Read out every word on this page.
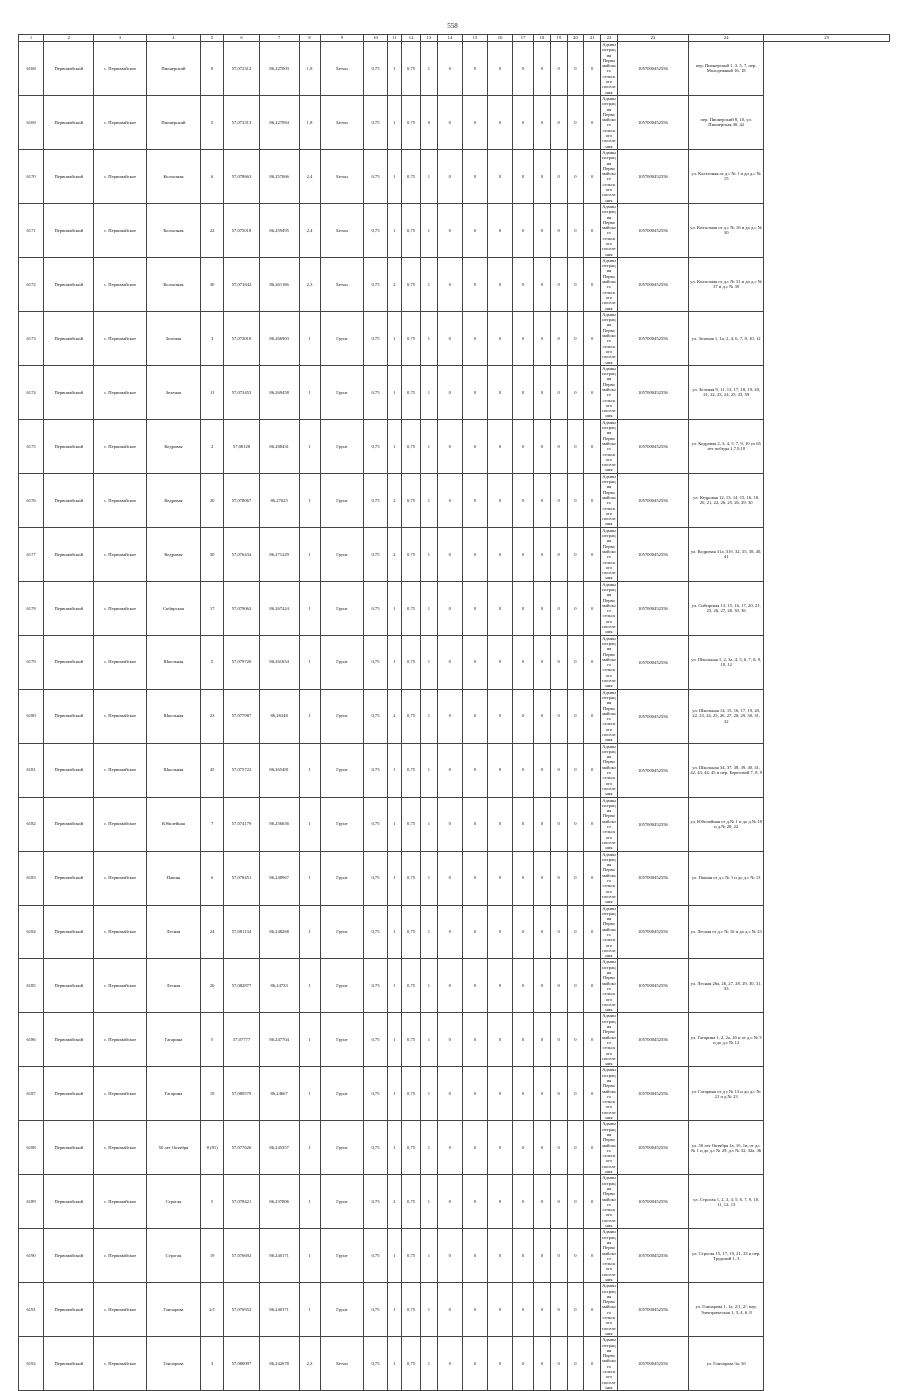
558
1	2	3	4	5	6	7	8	9	10	11	12	13	14	15	16	17	18	19	20	21	22	23	24	25
6168	Первомайский	с. Первомайское	Пионерский	8	57,072312	86,227003	1,8	Бетон	0,75	1	0,75	1	0	0	0	0	0	0	0	0	Администрация Первомайского сельского поселения	1057000452556	пер. Пионерский 1, 3, 5, 7, пер. Молодежный 16, 18	
6169	Первомайский	с. Первомайское	Пионерский	5	57,073313	86,227084	1,8	Бетон	0,75	1	0,75	0	0	0	0	0	0	0	0	0	Администрация Первомайского сельского поселения	1057000452556	пер. Пионерский 8, 10, ул. Пионерская 40, 42	
6170	Первомайский	с. Первомайское	Колхозная	6	57,078663	86,257066	2,4	Бетон	0,75	1	0,75	1	0	0	0	0	0	0	0	0	Администрация Первомайского сельского поселения	1057000452556	ул. Колхозная от д.с № 1 и до д.с № 15	
6171	Первомайский	с. Первомайское	Колхозная	22	57,075018	86,259495	2,4	Бетон	0,75	1	0,75	1	0	0	0	0	0	0	0	0	Администрация Первомайского сельского поселения	1057000452556	ул. Колхозная от д.с № 16 и до д.с № 30	
6172	Первомайский	с. Первомайское	Колхозная	30	57,071842	86,261186	2,3	Бетон	0,75	2	0,75	1	0	0	0	0	0	0	0	0	Администрация Первомайского сельского поселения	1057000452556	ул. Колхозная от д.с № 31 и до д.с № 37 и д.с № 39	
6173	Первомайский	с. Первомайское	Зеленая	3	57,072018	86,266903	1	Грунт	0,75	1	0,75	1	0	0	0	0	0	0	0	0	Администрация Первомайского сельского поселения	1057000452556	ул. Зеленая 1, 1а, 2, 4, 6, 7, 8, 10, 12	
6174	Первомайский	с. Первомайское	Зеленая	11	57,073453	86,269458	1	Грунт	0,75	1	0,75	1	0	0	0	0	0	0	0	0	Администрация Первомайского сельского поселения	1057000452556	ул. Зеленая 9, 11, 13, 17, 18, 19, 20, 21, 22, 23, 24, 25, 33, 59	
6175	Первомайский	с. Первомайское	Кедровая	2	57,08128	86,288431	1	Грунт	0,75	1	0,75	1	0	0	0	0	0	0	0	0	Администрация Первомайского сельского поселения	1057000452556	ул. Кедровая 2, 3, 4, 5, 7, 9, 10 ул 65 лет победы 1,7,9,10	
6176	Первомайский	с. Первомайское	Кедровая	20	57,078067	86,27025	1	Грунт	0,75	2	0,75	1	0	0	0	0	0	0	0	0	Администрация Первомайского сельского поселения	1057000452556	ул. Кедровая 12, 13, 14, 15, 16, 18, 20, 21, 22, 26, 25, 26, 29, 30	
6177	Первомайский	с. Первомайское	Кедровая	30	57,076434	86,271229	1	Грунт	0,75	2	0,75	1	0	0	0	0	0	0	0	0	Администрация Первомайского сельского поселения	1057000452556	ул. Кедровая 31а, 31б, 32, 35, 38, 40, 41	
6178	Первомайский	с. Первомайское	Сибирская	17	57,079062	86,267424	1	Грунт	0,75	1	0,75	1	0	0	0	0	0	0	0	0	Администрация Первомайского сельского поселения	1057000452556	ул. Сибирская 13, 15, 16, 17, 20, 21, 25, 26, 27, 28, 30, 36	
6179	Первомайский	с. Первомайское	Школьная	5	57,079726	86,261654	1	Грунт	0,75	1	0,75	1	0	0	0	0	0	0	0	0	Администрация Первомайского сельского поселения	1057000452556	ул. Школьная 1, 2, 3а, 4, 5, 6, 7, 8, 9, 10, 12	
6180	Первомайский	с. Первомайское	Школьная	23	57,077987	86,26348	1	Грунт	0,75	2	0,75	1	0	0	0	0	0	0	0	0	Администрация Первомайского сельского поселения	1057000452556	ул. Школьная 14, 15, 16, 17, 19, 20, 22, 23, 24, 25, 26, 27, 28, 29, 30, 31, 32	
6181	Первомайский	с. Первомайское	Школьная	45	57,075722	86,265481	1	Грунт	0,75	1	0,75	1	0	0	0	0	0	0	0	0	Администрация Первомайского сельского поселения	1057000452556	ул. Школьная 34, 37, 38, 39, 40, 41, 42, 43, 44, 45 и пер. Береговой 7, 8, 9	
6182	Первомайский	с. Первомайское	Юбилейная	7	57,074179	86,256656	1	Грунт	0,75	1	0,75	1	0	0	0	0	0	0	0	0	Администрация Первомайского сельского поселения	1057000452556	ул. Юбилейная от д.№ 1 и до д.№ 18 и д.№ 20, 22	
6183	Первомайский	с. Первомайское	Пашня	6	57,078451	86,248967	1	Грунт	0,75	1	0,75	1	0	0	0	0	0	0	0	0	Администрация Первомайского сельского поселения	1057000452556	ул. Пашня от д.с № 1 и до д.с № 13	
6184	Первомайский	с. Первомайское	Лесная	24	57,081134	86,248268	1	Грунт	0,75	1	0,75	1	0	0	0	0	0	0	0	0	Администрация Первомайского сельского поселения	1057000452556	ул. Лесная от д.с № 16 и до д.с № 23	
6185	Первомайский	с. Первомайское	Лесная	26	57,082877	86,24733	1	Грунт	0,75	1	0,75	1	0	0	0	0	0	0	0	0	Администрация Первомайского сельского поселения	1057000452556	ул. Лесная 26а, 26, 27, 28, 29, 30, 31, 33	
6186	Первомайский	с. Первомайское	Гагарина	5	57,07777	86,247704	1	Грунт	0,75	1	0,75	1	0	0	0	0	0	0	0	0	Администрация Первомайского сельского поселения	1057000452556	ул. Гагарина 1, 2, 2а, 2б и от д.с № 3 и до д.с № 12	
6187	Первомайский	с. Первомайское	Гагарина	19	57,080579	86,24667	1	Грунт	0,75	1	0,75	1	0	0	0	0	0	0	0	0	Администрация Первомайского сельского поселения	1057000452556	ул. Гагарина от д.с № 13 и до д.с № 21 и д.№ 23	
6188	Первомайский	с. Первомайское	50 лет Октября	8 (81)	57,077626	86,245357	1	Грунт	0,75	1	0,75	1	0	0	0	0	0	0	0	0	Администрация Первомайского сельского поселения	1057000452556	ул. 50 лет Октября 1а, 1б, 1в, от д.с № 1 и до д.с № 29, д.с № 32, 32а, 36	
6189	Первомайский	с. Первомайское	Строгая	5	57,078421	86,237806	1	Грунт	0,75	2	0,75	1	0	0	0	0	0	0	0	0	Администрация Первомайского сельского поселения	1057000452556	ул. Строгая 1, 2, 3, 4, 5, 6, 7, 9, 10, 11, 12, 13	
6190	Первомайский	с. Первомайское	Строгая	19	57,076692	86,240171	1	Грунт	0,75	1	0,75	1	0	0	0	0	0	0	0	0	Администрация Первомайского сельского поселения	1057000452556	ул. Строгая 15, 17, 19, 21, 23 и пер. Трудовой 1, 3	
6191	Первомайский	с. Первомайское	Гончарова	2/1	57,076952	86,240171	1	Грунт	0,75	1	0,75	1	0	0	0	0	0	0	0	0	Администрация Первомайского сельского поселения	1057000452556	ул. Гончарова 1, 1а, 2/1, 2/; пер. Электрическая 1, 3, 4, 6, 8	
6192	Первомайский	с. Первомайское	Гончарова	3	57,080097	86,242678	2,3	Бетон	0,75	1	0,75	1	0	0	0	0	0	0	0	0	Администрация Первомайского сельского поселения	1057000452556	ул. Гончарова 3а, 3б	
